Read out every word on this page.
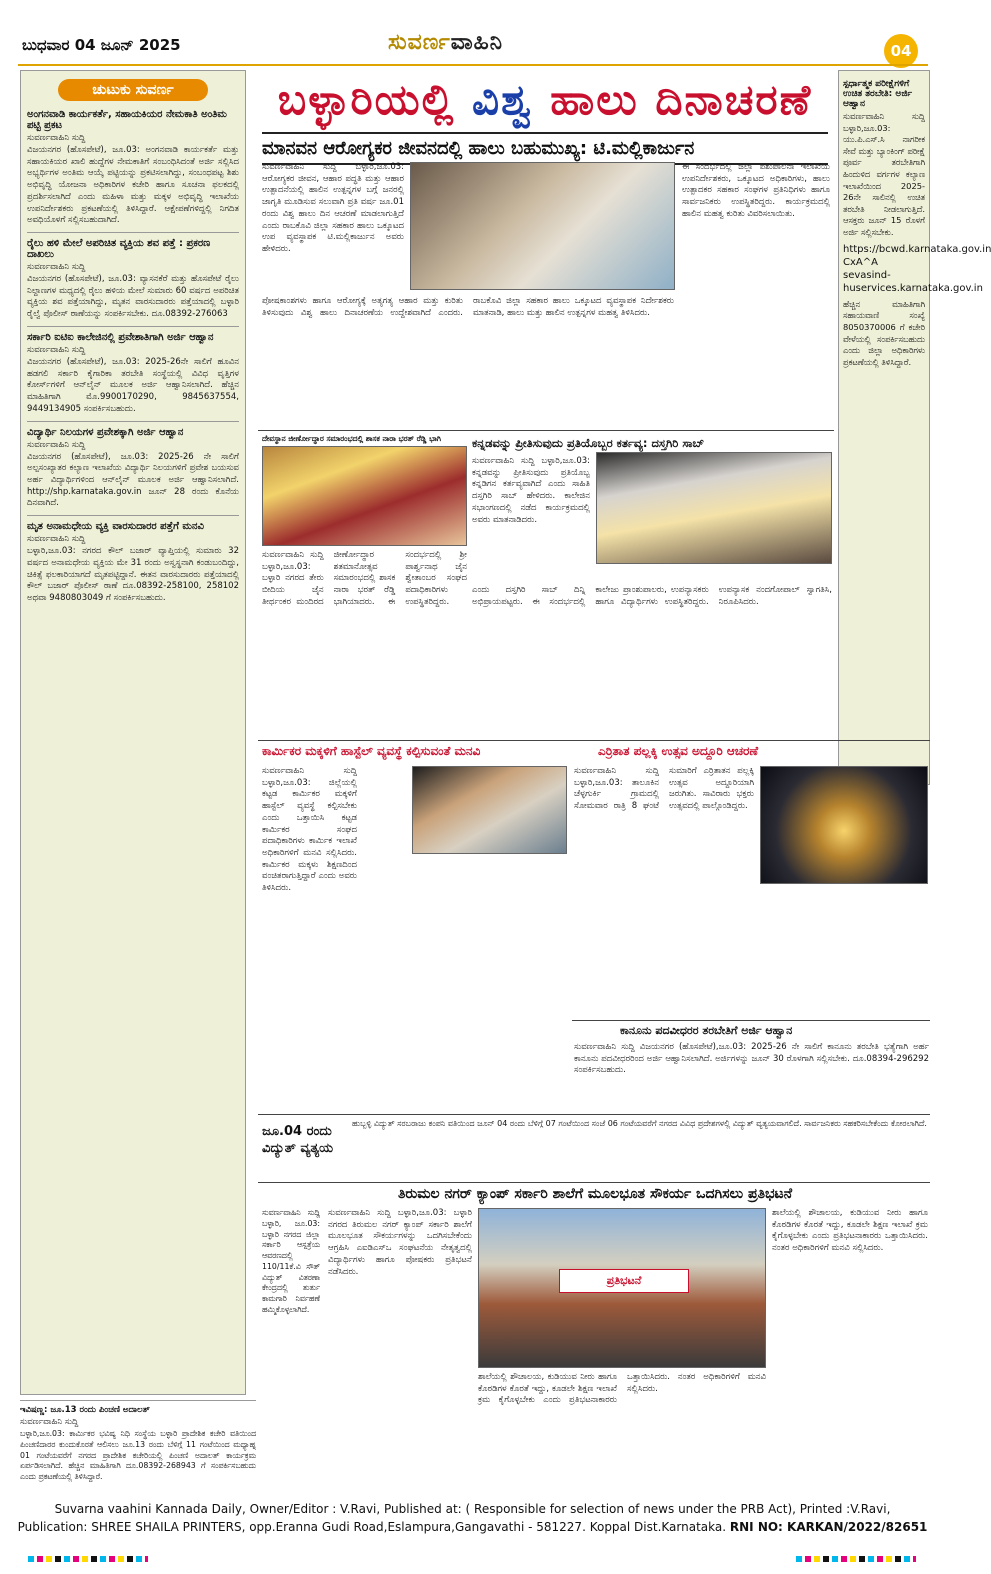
ಬುಧವಾರ 04 ಜೂನ್ 2025	ಸುವರ್ಣವಾಹಿನಿ	04
ಚುಟುಕು ಸುವರ್ಣ
ಅಂಗನವಾಡಿ ಕಾರ್ಯಕರ್ತೆ, ಸಹಾಯಕಿಯರ ನೇಮಕಾತಿ ಅಂತಿಮ ಪಟ್ಟಿ ಪ್ರಕಟ
ಸುವರ್ಣವಾಹಿನಿ ಸುದ್ದಿ
ವಿಜಯನಗರ (ಹೊಸಪೇಟೆ), ಜೂ.03: ಅಂಗನವಾಡಿ ಕಾರ್ಯಕರ್ತೆ ಮತ್ತು ಸಹಾಯಕಿಯರ ಖಾಲಿ ಹುದ್ದೆಗಳ ನೇಮಕಾತಿಗೆ ಸಂಬಂಧಿಸಿದಂತೆ ಅರ್ಜಿ ಸಲ್ಲಿಸಿದ ಅಭ್ಯರ್ಥಿಗಳ ಅಂತಿಮ ಆಯ್ಕೆ ಪಟ್ಟಿಯನ್ನು ಪ್ರಕಟಿಸಲಾಗಿದ್ದು, ಸಂಬಂಧಪಟ್ಟ ಶಿಶು ಅಭಿವೃದ್ಧಿ ಯೋಜನಾ ಅಧಿಕಾರಿಗಳ ಕಚೇರಿ ಹಾಗೂ ಸೂಚನಾ ಫಲಕದಲ್ಲಿ ಪ್ರದರ್ಶಿಸಲಾಗಿದೆ ಎಂದು ಮಹಿಳಾ ಮತ್ತು ಮಕ್ಕಳ ಅಭಿವೃದ್ಧಿ ಇಲಾಖೆಯ ಉಪನಿರ್ದೇಶಕರು ಪ್ರಕಟಣೆಯಲ್ಲಿ ತಿಳಿಸಿದ್ದಾರೆ. ಆಕ್ಷೇಪಣೆಗಳಿದ್ದಲ್ಲಿ ನಿಗದಿತ ಅವಧಿಯೊಳಗೆ ಸಲ್ಲಿಸಬಹುದಾಗಿದೆ.
ರೈಲು ಹಳಿ ಮೇಲೆ ಅಪರಿಚಿತ ವ್ಯಕ್ತಿಯ ಶವ ಪತ್ತೆ : ಪ್ರಕರಣ ದಾಖಲು
ಸುವರ್ಣವಾಹಿನಿ ಸುದ್ದಿ
ವಿಜಯನಗರ (ಹೊಸಪೇಟೆ), ಜೂ.03: ವ್ಯಾಸನಕೆರೆ ಮತ್ತು ಹೊಸಪೇಟೆ ರೈಲು ನಿಲ್ದಾಣಗಳ ಮಧ್ಯದಲ್ಲಿ ರೈಲು ಹಳಿಯ ಮೇಲೆ ಸುಮಾರು 60 ವರ್ಷದ ಅಪರಿಚಿತ ವ್ಯಕ್ತಿಯ ಶವ ಪತ್ತೆಯಾಗಿದ್ದು, ಮೃತನ ವಾರಸುದಾರರು ಪತ್ತೆಯಾದಲ್ಲಿ ಬಳ್ಳಾರಿ ರೈಲ್ವೆ ಪೊಲೀಸ್ ಠಾಣೆಯನ್ನು ಸಂಪರ್ಕಿಸಬೇಕು. ದೂ.08392-276063
ಸರ್ಕಾರಿ ಐಟಿಐ ಕಾಲೇಜಿನಲ್ಲಿ ಪ್ರವೇಶಾತಿಗಾಗಿ ಅರ್ಜಿ ಆಹ್ವಾನ
ಸುವರ್ಣವಾಹಿನಿ ಸುದ್ದಿ
ವಿಜಯನಗರ (ಹೊಸಪೇಟೆ), ಜೂ.03: 2025-26ನೇ ಸಾಲಿಗೆ ಹೂವಿನ ಹಡಗಲಿ ಸರ್ಕಾರಿ ಕೈಗಾರಿಕಾ ತರಬೇತಿ ಸಂಸ್ಥೆಯಲ್ಲಿ ವಿವಿಧ ವೃತ್ತಿಗಳ ಕೋರ್ಸ್‌ಗಳಿಗೆ ಆನ್‌ಲೈನ್ ಮೂಲಕ ಅರ್ಜಿ ಆಹ್ವಾನಿಸಲಾಗಿದೆ. ಹೆಚ್ಚಿನ ಮಾಹಿತಿಗಾಗಿ ಮೊ.9900170290, 9845637554, 9449134905 ಸಂಪರ್ಕಿಸಬಹುದು.
ವಿದ್ಯಾರ್ಥಿ ನಿಲಯಗಳ ಪ್ರವೇಶಕ್ಕಾಗಿ ಅರ್ಜಿ ಆಹ್ವಾನ
ಸುವರ್ಣವಾಹಿನಿ ಸುದ್ದಿ
ವಿಜಯನಗರ (ಹೊಸಪೇಟೆ), ಜೂ.03: 2025-26 ನೇ ಸಾಲಿಗೆ ಅಲ್ಪಸಂಖ್ಯಾತರ ಕಲ್ಯಾಣ ಇಲಾಖೆಯ ವಿದ್ಯಾರ್ಥಿ ನಿಲಯಗಳಿಗೆ ಪ್ರವೇಶ ಬಯಸುವ ಅರ್ಹ ವಿದ್ಯಾರ್ಥಿಗಳಿಂದ ಆನ್‌ಲೈನ್ ಮೂಲಕ ಅರ್ಜಿ ಆಹ್ವಾನಿಸಲಾಗಿದೆ. http://shp.karnataka.gov.in ಜೂನ್ 28 ರಂದು ಕೊನೆಯ ದಿನವಾಗಿದೆ.
ಮೃತ ಅನಾಮಧೇಯ ವ್ಯಕ್ತಿ ವಾರಸುದಾರರ ಪತ್ತೆಗೆ ಮನವಿ
ಸುವರ್ಣವಾಹಿನಿ ಸುದ್ದಿ
ಬಳ್ಳಾರಿ,ಜೂ.03: ನಗರದ ಕೌಲ್ ಬಜಾರ್ ವ್ಯಾಪ್ತಿಯಲ್ಲಿ ಸುಮಾರು 32 ವರ್ಷದ ಅನಾಮಧೇಯ ವ್ಯಕ್ತಿಯ ಮೇ 31 ರಂದು ಅಸ್ವಸ್ಥನಾಗಿ ಕಂಡುಬಂದಿದ್ದು, ಚಿಕಿತ್ಸೆ ಫಲಕಾರಿಯಾಗದೆ ಮೃತಪಟ್ಟಿದ್ದಾನೆ. ಈತನ ವಾರಸುದಾರರು ಪತ್ತೆಯಾದಲ್ಲಿ ಕೌಲ್ ಬಜಾರ್ ಪೊಲೀಸ್ ಠಾಣೆ ದೂ.08392-258100, 258102 ಅಥವಾ 9480803049 ಗೆ ಸಂಪರ್ಕಿಸಬಹುದು.
ಬಳ್ಳಾರಿಯಲ್ಲಿ ವಿಶ್ವ ಹಾಲು ದಿನಾಚರಣೆ
ಮಾನವನ ಆರೋಗ್ಯಕರ ಜೀವನದಲ್ಲಿ ಹಾಲು ಬಹುಮುಖ್ಯ: ಟಿ.ಮಲ್ಲಿಕಾರ್ಜುನ
ಸುವರ್ಣವಾಹಿನಿ ಸುದ್ದಿ ಬಳ್ಳಾರಿ,ಜೂ.03: ಆರೋಗ್ಯಕರ ಜೀವನ, ಆಹಾರ ಪದ್ಧತಿ ಮತ್ತು ಆಹಾರ ಉತ್ಪಾದನೆಯಲ್ಲಿ ಹಾಲಿನ ಉತ್ಪನ್ನಗಳ ಬಗ್ಗೆ ಜನರಲ್ಲಿ ಜಾಗೃತಿ ಮೂಡಿಸುವ ಸಲುವಾಗಿ ಪ್ರತಿ ವರ್ಷ ಜೂ.01 ರಂದು ವಿಶ್ವ ಹಾಲು ದಿನ ಆಚರಣೆ ಮಾಡಲಾಗುತ್ತಿದೆ ಎಂದು ರಾಬಕೊವಿ ಜಿಲ್ಲಾ ಸಹಕಾರ ಹಾಲು ಒಕ್ಕೂಟದ ಉಪ ವ್ಯವಸ್ಥಾಪಕ ಟಿ.ಮಲ್ಲಿಕಾರ್ಜುನ ಅವರು ಹೇಳಿದರು.
ಈ ಸಂದರ್ಭದಲ್ಲಿ ಜಿಲ್ಲಾ ಪಶುಪಾಲನಾ ಇಲಾಖೆಯ ಉಪನಿರ್ದೇಶಕರು, ಒಕ್ಕೂಟದ ಅಧಿಕಾರಿಗಳು, ಹಾಲು ಉತ್ಪಾದಕರ ಸಹಕಾರ ಸಂಘಗಳ ಪ್ರತಿನಿಧಿಗಳು ಹಾಗೂ ಸಾರ್ವಜನಿಕರು ಉಪಸ್ಥಿತರಿದ್ದರು. ಕಾರ್ಯಕ್ರಮದಲ್ಲಿ ಹಾಲಿನ ಮಹತ್ವ ಕುರಿತು ವಿವರಿಸಲಾಯಿತು.
ಪೋಷಕಾಂಶಗಳು ಹಾಗೂ ಆರೋಗ್ಯಕ್ಕೆ ಅತ್ಯಗತ್ಯ ಆಹಾರ ಮತ್ತು ಕುರಿತು ತಿಳಿಸುವುದು ವಿಶ್ವ ಹಾಲು ದಿನಾಚರಣೆಯ ಉದ್ದೇಶವಾಗಿದೆ ಎಂದರು. ರಾಬಕೊವಿ ಜಿಲ್ಲಾ ಸಹಕಾರ ಹಾಲು ಒಕ್ಕೂಟದ ವ್ಯವಸ್ಥಾಪಕ ನಿರ್ದೇಶಕರು ಮಾತನಾಡಿ, ಹಾಲು ಮತ್ತು ಹಾಲಿನ ಉತ್ಪನ್ನಗಳ ಮಹತ್ವ ತಿಳಿಸಿದರು.
ದೇವಸ್ಥಾನ ಜೀರ್ಣೋದ್ಧಾರ ಸಮಾರಂಭದಲ್ಲಿ ಶಾಸಕ ನಾರಾ ಭರತ್ ರೆಡ್ಡಿ ಭಾಗಿ
ಸುವರ್ಣವಾಹಿನಿ ಸುದ್ದಿ ಬಳ್ಳಾರಿ,ಜೂ.03: ಬಳ್ಳಾರಿ ನಗರದ ತೇರು ಬೀದಿಯ ಜೈನ ತೀರ್ಥಂಕರ ಮಂದಿರದ ಜೀರ್ಣೋದ್ಧಾರ ಶತಮಾನೋತ್ಸವ ಸಮಾರಂಭದಲ್ಲಿ ಶಾಸಕ ನಾರಾ ಭರತ್ ರೆಡ್ಡಿ ಭಾಗಿಯಾದರು. ಈ ಸಂದರ್ಭದಲ್ಲಿ ಶ್ರೀ ಪಾರ್ಶ್ವನಾಥ ಜೈನ ಶ್ವೇತಾಂಬರ ಸಂಘದ ಪದಾಧಿಕಾರಿಗಳು ಉಪಸ್ಥಿತರಿದ್ದರು.
ಕನ್ನಡವನ್ನು ಪ್ರೀತಿಸುವುದು ಪ್ರತಿಯೊಬ್ಬರ ಕರ್ತವ್ಯ: ದಸ್ತಗಿರಿ ಸಾಬ್
ಸುವರ್ಣವಾಹಿನಿ ಸುದ್ದಿ ಬಳ್ಳಾರಿ,ಜೂ.03: ಕನ್ನಡವನ್ನು ಪ್ರೀತಿಸುವುದು ಪ್ರತಿಯೊಬ್ಬ ಕನ್ನಡಿಗನ ಕರ್ತವ್ಯವಾಗಿದೆ ಎಂದು ಸಾಹಿತಿ ದಸ್ತಗಿರಿ ಸಾಬ್ ಹೇಳಿದರು. ಕಾಲೇಜಿನ ಸಭಾಂಗಣದಲ್ಲಿ ನಡೆದ ಕಾರ್ಯಕ್ರಮದಲ್ಲಿ ಅವರು ಮಾತನಾಡಿದರು.
ಎಂದು ದಸ್ತಗಿರಿ ಸಾಬ್ ದಿನ್ನಿ ಅಭಿಪ್ರಾಯಪಟ್ಟರು. ಈ ಸಂದರ್ಭದಲ್ಲಿ ಕಾಲೇಜು ಪ್ರಾಂಶುಪಾಲರು, ಉಪನ್ಯಾಸಕರು ಹಾಗೂ ವಿದ್ಯಾರ್ಥಿಗಳು ಉಪಸ್ಥಿತರಿದ್ದರು. ಉಪನ್ಯಾಸಕ ನಂದಗೋಪಾಲ್ ಸ್ವಾಗತಿಸಿ, ನಿರೂಪಿಸಿದರು.
ಸ್ಪರ್ಧಾತ್ಮಕ ಪರೀಕ್ಷೆಗಳಿಗೆ ಉಚಿತ ತರಬೇತಿ: ಅರ್ಜಿ ಆಹ್ವಾನ
ಸುವರ್ಣವಾಹಿನಿ ಸುದ್ದಿ ಬಳ್ಳಾರಿ,ಜೂ.03: ಯು.ಪಿ.ಎಸ್.ಸಿ ನಾಗರೀಕ ಸೇವೆ ಮತ್ತು ಬ್ಯಾಂಕಿಂಗ್ ಪರೀಕ್ಷೆ ಪೂರ್ವ ತರಬೇತಿಗಾಗಿ ಹಿಂದುಳಿದ ವರ್ಗಗಳ ಕಲ್ಯಾಣ ಇಲಾಖೆಯಿಂದ 2025-26ನೇ ಸಾಲಿನಲ್ಲಿ ಉಚಿತ ತರಬೇತಿ ನೀಡಲಾಗುತ್ತಿದೆ. ಆಸಕ್ತರು ಜೂನ್ 15 ರೊಳಗೆ ಅರ್ಜಿ ಸಲ್ಲಿಸಬೇಕು.
https://bcwd.karnataka.gov.in CxA^A sevasind-huservices.karnataka.gov.in
ಹೆಚ್ಚಿನ ಮಾಹಿತಿಗಾಗಿ ಸಹಾಯವಾಣಿ ಸಂಖ್ಯೆ 8050370006 ಗೆ ಕಚೇರಿ ವೇಳೆಯಲ್ಲಿ ಸಂಪರ್ಕಿಸಬಹುದು ಎಂದು ಜಿಲ್ಲಾ ಅಧಿಕಾರಿಗಳು ಪ್ರಕಟಣೆಯಲ್ಲಿ ತಿಳಿಸಿದ್ದಾರೆ.
ಕಾರ್ಮಿಕರ ಮಕ್ಕಳಿಗೆ ಹಾಸ್ಟೆಲ್ ವ್ಯವಸ್ಥೆ ಕಲ್ಪಿಸುವಂತೆ ಮನವಿ
ಸುವರ್ಣವಾಹಿನಿ ಸುದ್ದಿ ಬಳ್ಳಾರಿ,ಜೂ.03: ಜಿಲ್ಲೆಯಲ್ಲಿ ಕಟ್ಟಡ ಕಾರ್ಮಿಕರ ಮಕ್ಕಳಿಗೆ ಹಾಸ್ಟೆಲ್ ವ್ಯವಸ್ಥೆ ಕಲ್ಪಿಸಬೇಕು ಎಂದು ಒತ್ತಾಯಿಸಿ ಕಟ್ಟಡ ಕಾರ್ಮಿಕರ ಸಂಘದ ಪದಾಧಿಕಾರಿಗಳು ಕಾರ್ಮಿಕ ಇಲಾಖೆ ಅಧಿಕಾರಿಗಳಿಗೆ ಮನವಿ ಸಲ್ಲಿಸಿದರು. ಕಾರ್ಮಿಕರ ಮಕ್ಕಳು ಶಿಕ್ಷಣದಿಂದ ವಂಚಿತರಾಗುತ್ತಿದ್ದಾರೆ ಎಂದು ಅವರು ತಿಳಿಸಿದರು.
ಎರ್ರಿತಾತ ಪಲ್ಲಕ್ಕಿ ಉತ್ಸವ ಅದ್ದೂರಿ ಆಚರಣೆ
ಸುವರ್ಣವಾಹಿನಿ ಸುದ್ದಿ ಬಳ್ಳಾರಿ,ಜೂ.03: ತಾಲೂಕಿನ ಚೆಳ್ಳಗುರ್ಕಿ ಗ್ರಾಮದಲ್ಲಿ ಸೋಮವಾರ ರಾತ್ರಿ 8 ಘಂಟೆ ಸುಮಾರಿಗೆ ಎರ್ರಿತಾತನ ಪಲ್ಲಕ್ಕಿ ಉತ್ಸವ ಅದ್ದೂರಿಯಾಗಿ ಜರುಗಿತು. ಸಾವಿರಾರು ಭಕ್ತರು ಉತ್ಸವದಲ್ಲಿ ಪಾಲ್ಗೊಂಡಿದ್ದರು.
ಕಾನೂನು ಪದವೀಧರರ ತರಬೇತಿಗೆ ಅರ್ಜಿ ಆಹ್ವಾನ
ಸುವರ್ಣವಾಹಿನಿ ಸುದ್ದಿ ವಿಜಯನಗರ (ಹೊಸಪೇಟೆ),ಜೂ.03: 2025-26 ನೇ ಸಾಲಿಗೆ ಕಾನೂನು ತರಬೇತಿ ಭತ್ಯೆಗಾಗಿ ಅರ್ಹ ಕಾನೂನು ಪದವೀಧರರಿಂದ ಅರ್ಜಿ ಆಹ್ವಾನಿಸಲಾಗಿದೆ. ಅರ್ಜಿಗಳನ್ನು ಜೂನ್ 30 ರೊಳಗಾಗಿ ಸಲ್ಲಿಸಬೇಕು. ದೂ.08394-296292 ಸಂಪರ್ಕಿಸಬಹುದು.
ಜೂ.04 ರಂದು ವಿದ್ಯುತ್ ವ್ಯತ್ಯಯ
ಹುಬ್ಬಳ್ಳಿ ವಿದ್ಯುತ್ ಸರಬರಾಜು ಕಂಪನಿ ವತಿಯಿಂದ ಜೂನ್ 04 ರಂದು ಬೆಳಿಗ್ಗೆ 07 ಗಂಟೆಯಿಂದ ಸಂಜೆ 06 ಗಂಟೆಯವರೆಗೆ ನಗರದ ವಿವಿಧ ಪ್ರದೇಶಗಳಲ್ಲಿ ವಿದ್ಯುತ್ ವ್ಯತ್ಯಯವಾಗಲಿದೆ. ಸಾರ್ವಜನಿಕರು ಸಹಕರಿಸಬೇಕೆಂದು ಕೋರಲಾಗಿದೆ.
ತಿರುಮಲ ನಗರ್ ಕ್ಯಾಂಪ್ ಸರ್ಕಾರಿ ಶಾಲೆಗೆ ಮೂಲಭೂತ ಸೌಕರ್ಯ ಒದಗಿಸಲು ಪ್ರತಿಭಟನೆ
ಸುವರ್ಣವಾಹಿನಿ ಸುದ್ದಿ ಬಳ್ಳಾರಿ, ಜೂ.03: ಬಳ್ಳಾರಿ ನಗರದ ಜಿಲ್ಲಾ ಸರ್ಕಾರಿ ಆಸ್ಪತ್ರೆಯ ಆವರಣದಲ್ಲಿ 110/11ಕೆ.ವಿ ಸೌತ್ ವಿದ್ಯುತ್ ವಿತರಣಾ ಕೇಂದ್ರದಲ್ಲಿ ತುರ್ತು ಕಾಮಗಾರಿ ನಿರ್ವಹಣೆ ಹಮ್ಮಿಕೊಳ್ಳಲಾಗಿದೆ.
ಸುವರ್ಣವಾಹಿನಿ ಸುದ್ದಿ ಬಳ್ಳಾರಿ,ಜೂ.03: ಬಳ್ಳಾರಿ ನಗರದ ತಿರುಮಲ ನಗರ್ ಕ್ಯಾಂಪ್ ಸರ್ಕಾರಿ ಶಾಲೆಗೆ ಮೂಲಭೂತ ಸೌಕರ್ಯಗಳನ್ನು ಒದಗಿಸಬೇಕೆಂದು ಆಗ್ರಹಿಸಿ ಎಐಡಿಎಸ್‌ಒ ಸಂಘಟನೆಯ ನೇತೃತ್ವದಲ್ಲಿ ವಿದ್ಯಾರ್ಥಿಗಳು ಹಾಗೂ ಪೋಷಕರು ಪ್ರತಿಭಟನೆ ನಡೆಸಿದರು.
ಪ್ರತಿಭಟನೆ
ಶಾಲೆಯಲ್ಲಿ ಶೌಚಾಲಯ, ಕುಡಿಯುವ ನೀರು ಹಾಗೂ ಕೊಠಡಿಗಳ ಕೊರತೆ ಇದ್ದು, ಕೂಡಲೇ ಶಿಕ್ಷಣ ಇಲಾಖೆ ಕ್ರಮ ಕೈಗೊಳ್ಳಬೇಕು ಎಂದು ಪ್ರತಿಭಟನಾಕಾರರು ಒತ್ತಾಯಿಸಿದರು. ನಂತರ ಅಧಿಕಾರಿಗಳಿಗೆ ಮನವಿ ಸಲ್ಲಿಸಿದರು.
ಶಾಲೆಯಲ್ಲಿ ಶೌಚಾಲಯ, ಕುಡಿಯುವ ನೀರು ಹಾಗೂ ಕೊಠಡಿಗಳ ಕೊರತೆ ಇದ್ದು, ಕೂಡಲೇ ಶಿಕ್ಷಣ ಇಲಾಖೆ ಕ್ರಮ ಕೈಗೊಳ್ಳಬೇಕು ಎಂದು ಪ್ರತಿಭಟನಾಕಾರರು ಒತ್ತಾಯಿಸಿದರು. ನಂತರ ಅಧಿಕಾರಿಗಳಿಗೆ ಮನವಿ ಸಲ್ಲಿಸಿದರು.
ಇವಿಷಣ್ಣ: ಜೂ.13 ರಂದು ಪಿಂಚಣಿ ಅದಾಲತ್
ಸುವರ್ಣವಾಹಿನಿ ಸುದ್ದಿ
ಬಳ್ಳಾರಿ,ಜೂ.03: ಕಾರ್ಮಿಕರ ಭವಿಷ್ಯ ನಿಧಿ ಸಂಸ್ಥೆಯ ಬಳ್ಳಾರಿ ಪ್ರಾದೇಶಿಕ ಕಚೇರಿ ವತಿಯಿಂದ ಪಿಂಚಣಿದಾರರ ಕುಂದುಕೊರತೆ ಆಲಿಸಲು ಜೂ.13 ರಂದು ಬೆಳಿಗ್ಗೆ 11 ಗಂಟೆಯಿಂದ ಮಧ್ಯಾಹ್ನ 01 ಗಂಟೆಯವರೆಗೆ ನಗರದ ಪ್ರಾದೇಶಿಕ ಕಚೇರಿಯಲ್ಲಿ ಪಿಂಚಣಿ ಅದಾಲತ್ ಕಾರ್ಯಕ್ರಮ ಏರ್ಪಡಿಸಲಾಗಿದೆ. ಹೆಚ್ಚಿನ ಮಾಹಿತಿಗಾಗಿ ದೂ.08392-268943 ಗೆ ಸಂಪರ್ಕಿಸಬಹುದು ಎಂದು ಪ್ರಕಟಣೆಯಲ್ಲಿ ತಿಳಿಸಿದ್ದಾರೆ.
Suvarna vaahini Kannada Daily, Owner/Editor : V.Ravi, Published at: ( Responsible for selection of news under the PRB Act), Printed :V.Ravi,
Publication: SHREE SHAILA PRINTERS, opp.Eranna Gudi Road,Eslampura,Gangavathi - 581227. Koppal Dist.Karnataka. RNI NO: KARKAN/2022/82651
